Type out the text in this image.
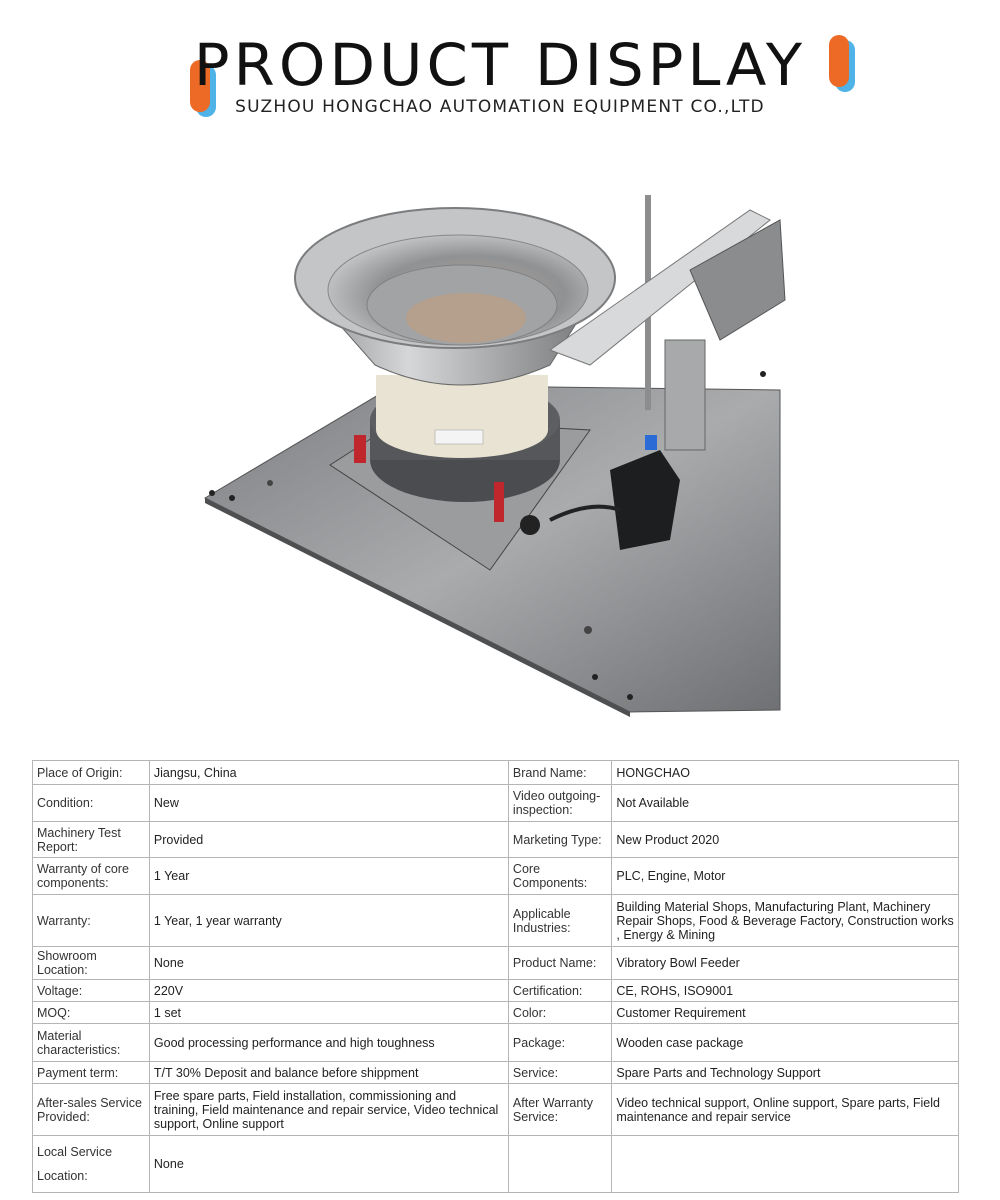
PRODUCT DISPLAY
SUZHOU HONGCHAO AUTOMATION EQUIPMENT CO.,LTD
Place of Origin:	Jiangsu, China	Brand Name:	HONGCHAO
Condition:	New	Video outgoing-inspection:	Not Available
Machinery Test Report:	Provided	Marketing Type:	New Product 2020
Warranty of core components:	1 Year	Core Components:	PLC, Engine, Motor
Warranty:	1 Year, 1 year warranty	Applicable Industries:	Building Material Shops, Manufacturing Plant, Machinery Repair Shops, Food & Beverage Factory, Construction works , Energy & Mining
Showroom Location:	None	Product Name:	Vibratory Bowl Feeder
Voltage:	220V	Certification:	CE, ROHS, ISO9001
MOQ:	1 set	Color:	Customer Requirement
Material characteristics:	Good processing performance and high toughness	Package:	Wooden case package
Payment term:	T/T 30% Deposit and balance before shippment	Service:	Spare Parts and Technology Support
After-sales Service Provided:	Free spare parts, Field installation, commissioning and training, Field maintenance and repair service, Video technical support, Online support	After Warranty Service:	Video technical support, Online support, Spare parts, Field maintenance and repair service
Local Service Location:	None		
